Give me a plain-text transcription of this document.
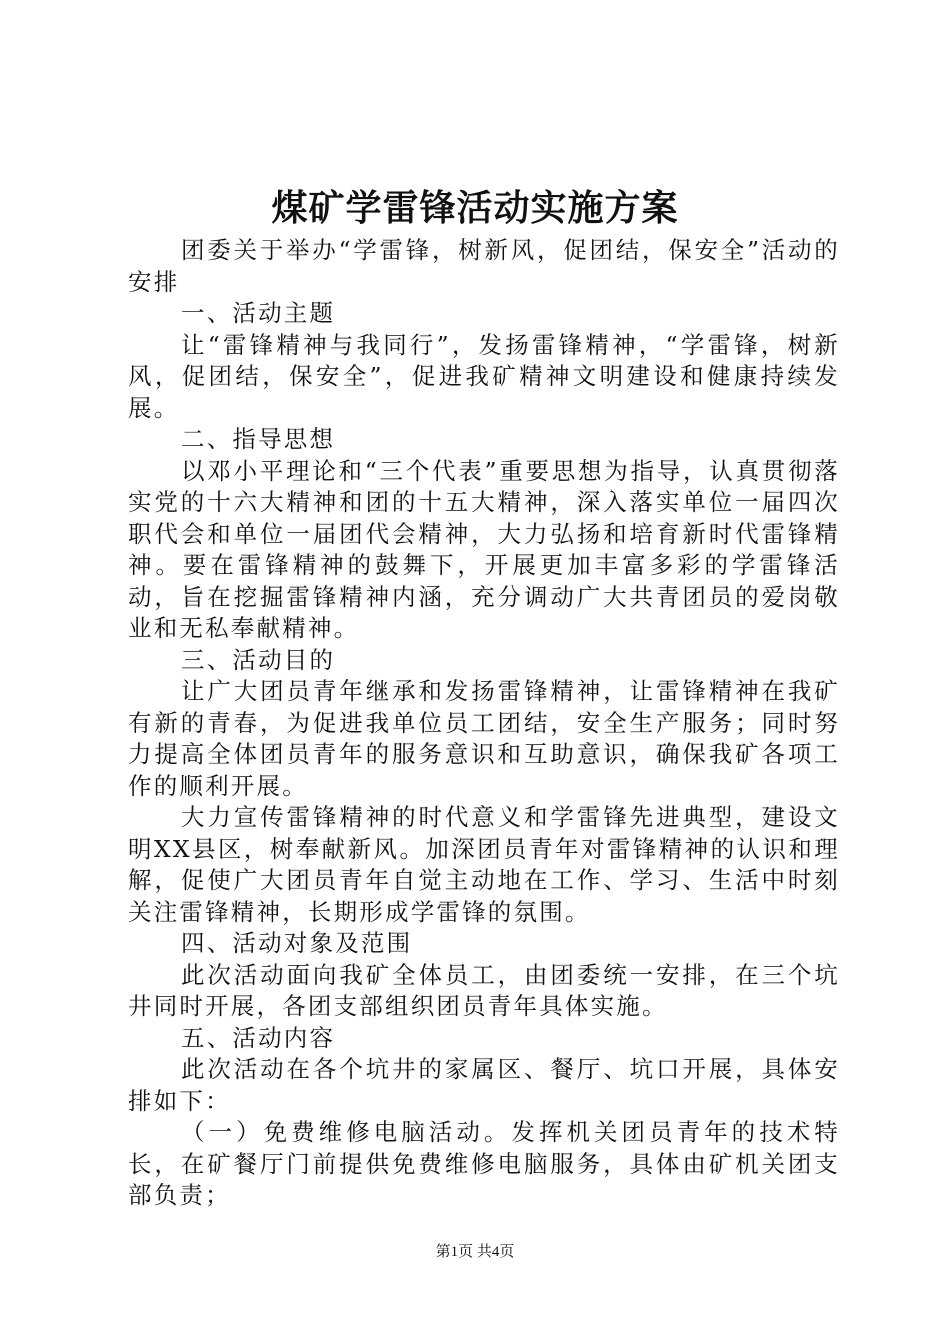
煤矿学雷锋活动实施方案

团委关于举办“学雷锋，树新风，促团结，保安全”活动的安排

一、活动主题

让“雷锋精神与我同行”，发扬雷锋精神，“学雷锋，树新风，促团结，保安全”，促进我矿精神文明建设和健康持续发展。

二、指导思想

以邓小平理论和“三个代表”重要思想为指导，认真贯彻落实党的十六大精神和团的十五大精神，深入落实单位一届四次职代会和单位一届团代会精神，大力弘扬和培育新时代雷锋精神。要在雷锋精神的鼓舞下，开展更加丰富多彩的学雷锋活动，旨在挖掘雷锋精神内涵，充分调动广大共青团员的爱岗敬业和无私奉献精神。

三、活动目的

让广大团员青年继承和发扬雷锋精神，让雷锋精神在我矿有新的青春，为促进我单位员工团结，安全生产服务；同时努力提高全体团员青年的服务意识和互助意识，确保我矿各项工作的顺利开展。

大力宣传雷锋精神的时代意义和学雷锋先进典型，建设文明XX县区，树奉献新风。加深团员青年对雷锋精神的认识和理解，促使广大团员青年自觉主动地在工作、学习、生活中时刻关注雷锋精神，长期形成学雷锋的氛围。

四、活动对象及范围

此次活动面向我矿全体员工，由团委统一安排，在三个坑井同时开展，各团支部组织团员青年具体实施。

五、活动内容

此次活动在各个坑井的家属区、餐厅、坑口开展，具体安排如下：

（一）免费维修电脑活动。发挥机关团员青年的技术特长，在矿餐厅门前提供免费维修电脑服务，具体由矿机关团支部负责；

第1页 共4页
